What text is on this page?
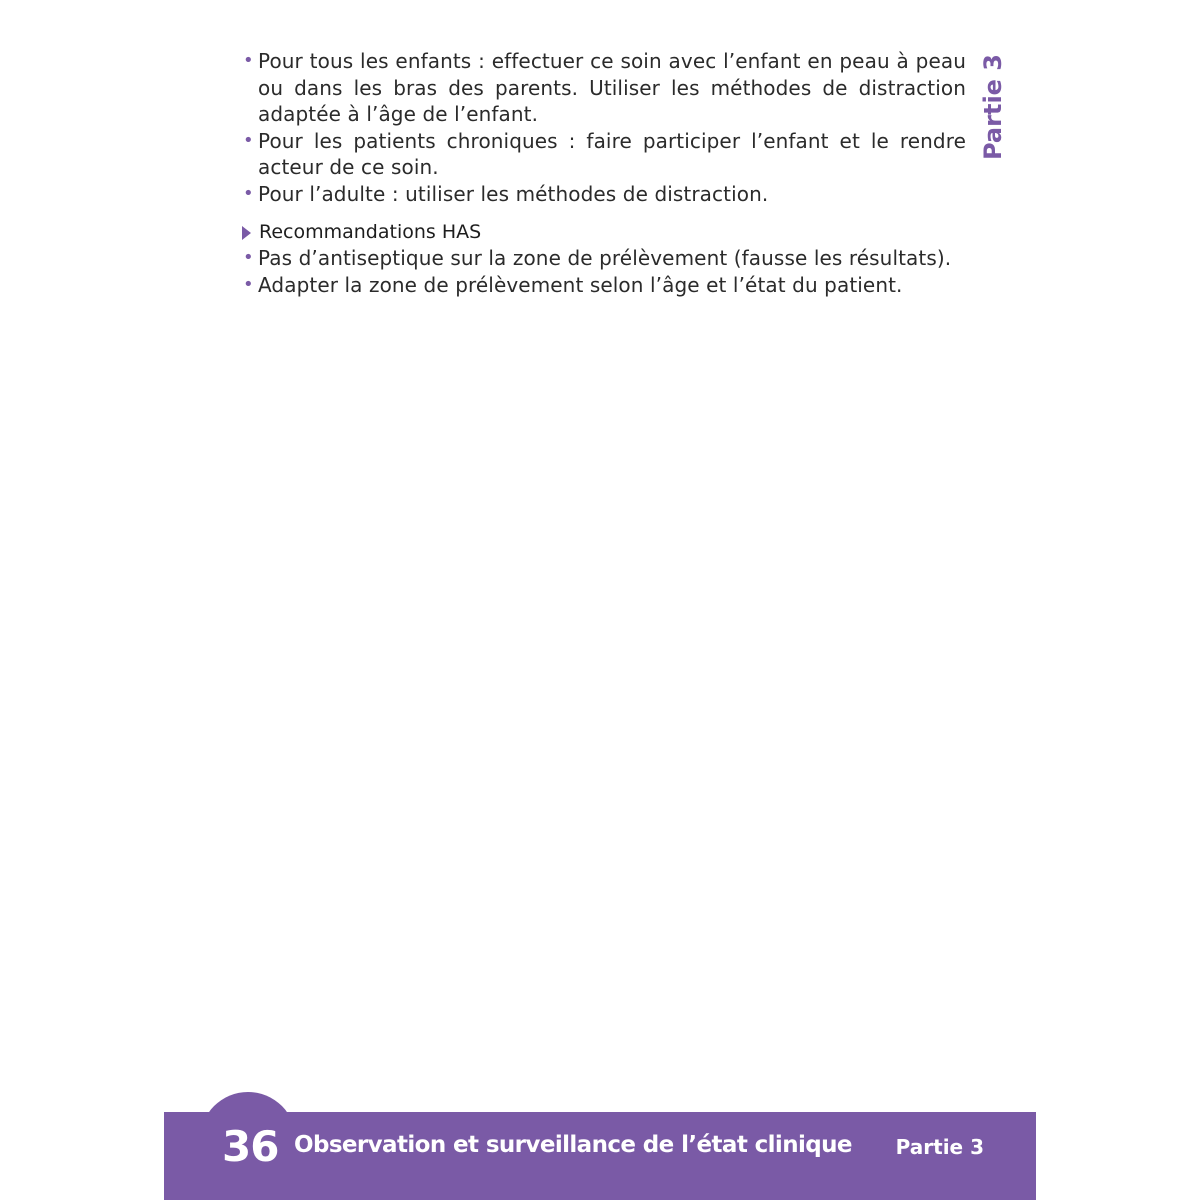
Partie 3
• Pour tous les enfants : effectuer ce soin avec l’enfant en peau à peau ou dans les bras des parents. Utiliser les méthodes de distraction adaptée à l’âge de l’enfant.
• Pour les patients chroniques : faire participer l’enfant et le rendre acteur de ce soin.
• Pour l’adulte : utiliser les méthodes de distraction.
Recommandations HAS
• Pas d’antiseptique sur la zone de prélèvement (fausse les résultats).
• Adapter la zone de prélèvement selon l’âge et l’état du patient.
36 Observation et surveillance de l’état clinique Partie 3
